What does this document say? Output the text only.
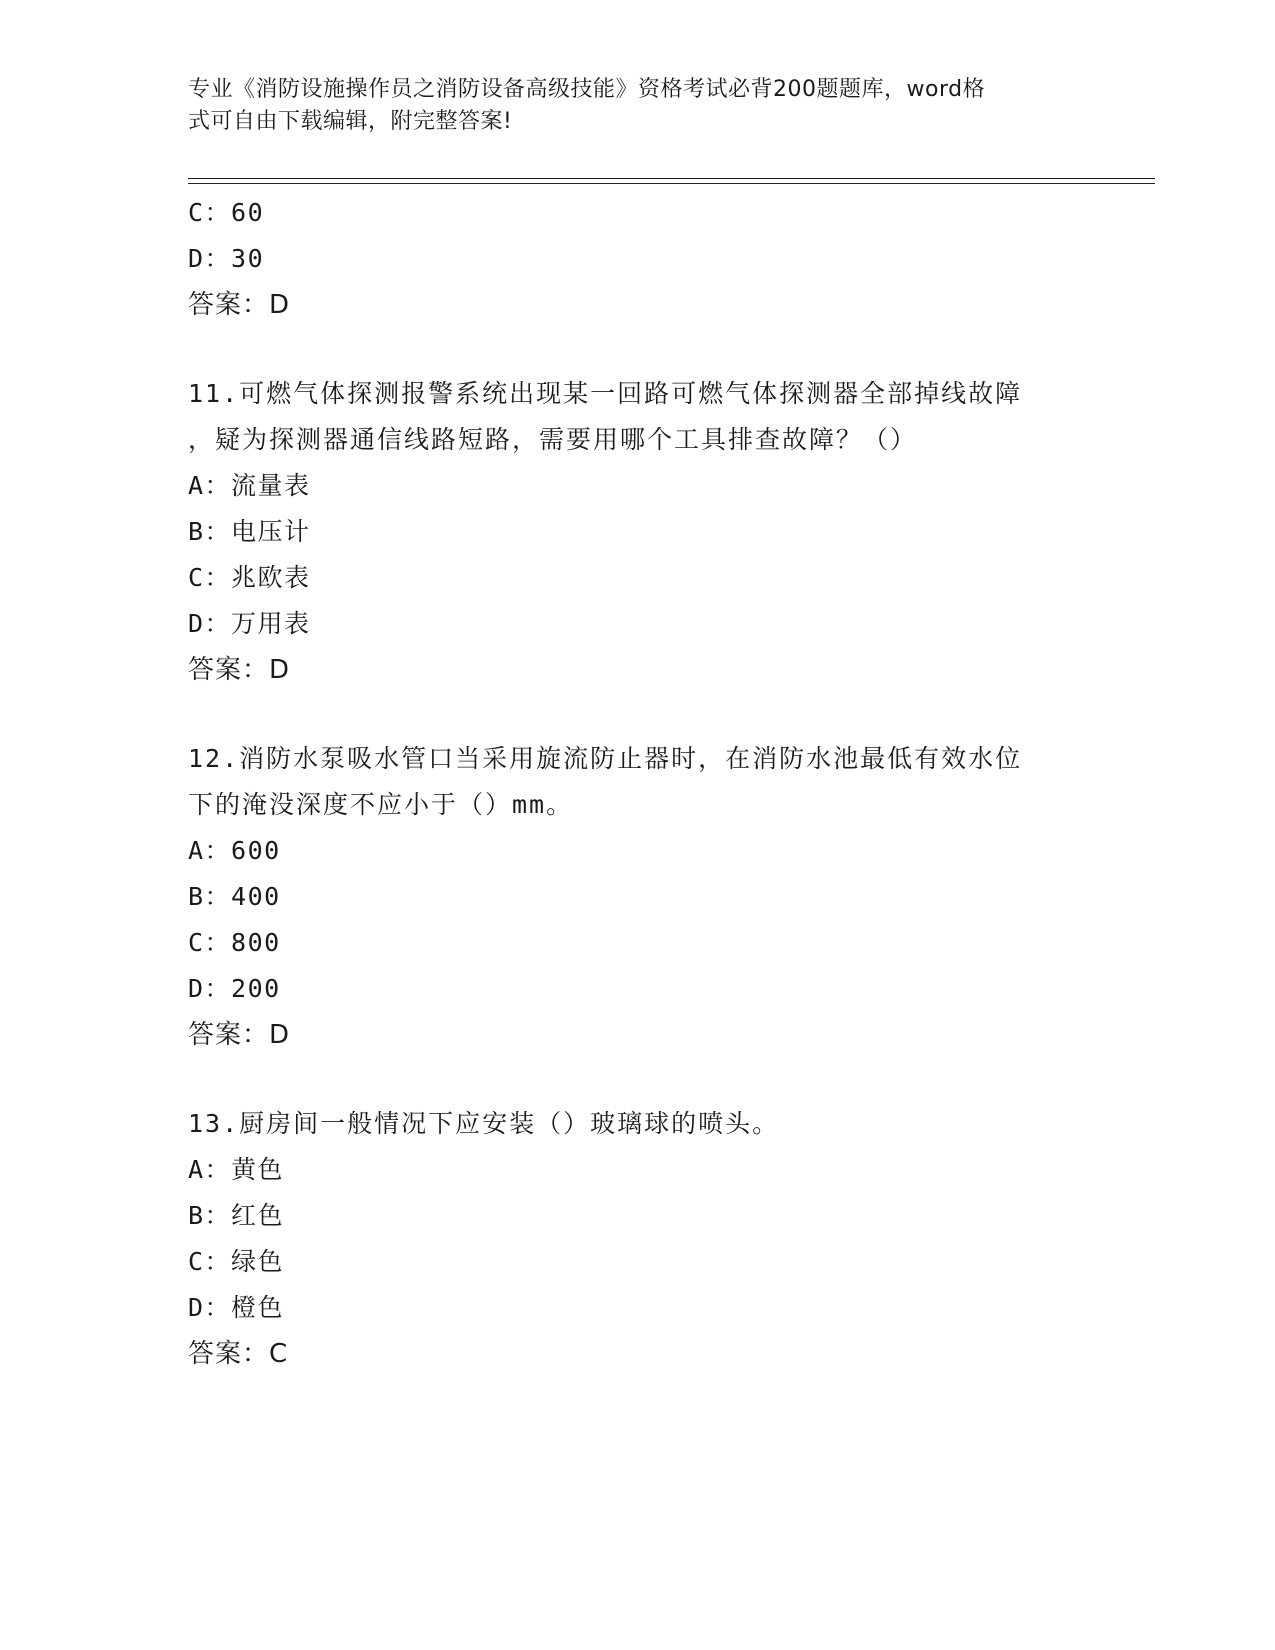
专业《消防设施操作员之消防设备高级技能》资格考试必背200题题库，word格
式可自由下载编辑，附完整答案!
C：60
D：30
答案：D
11.可燃气体探测报警系统出现某一回路可燃气体探测器全部掉线故障
，疑为探测器通信线路短路，需要用哪个工具排查故障？（）
A：流量表
B：电压计
C：兆欧表
D：万用表
答案：D
12.消防水泵吸水管口当采用旋流防止器时，在消防水池最低有效水位
下的淹没深度不应小于（）mm。
A：600
B：400
C：800
D：200
答案：D
13.厨房间一般情况下应安装（）玻璃球的喷头。
A：黄色
B：红色
C：绿色
D：橙色
答案：C
